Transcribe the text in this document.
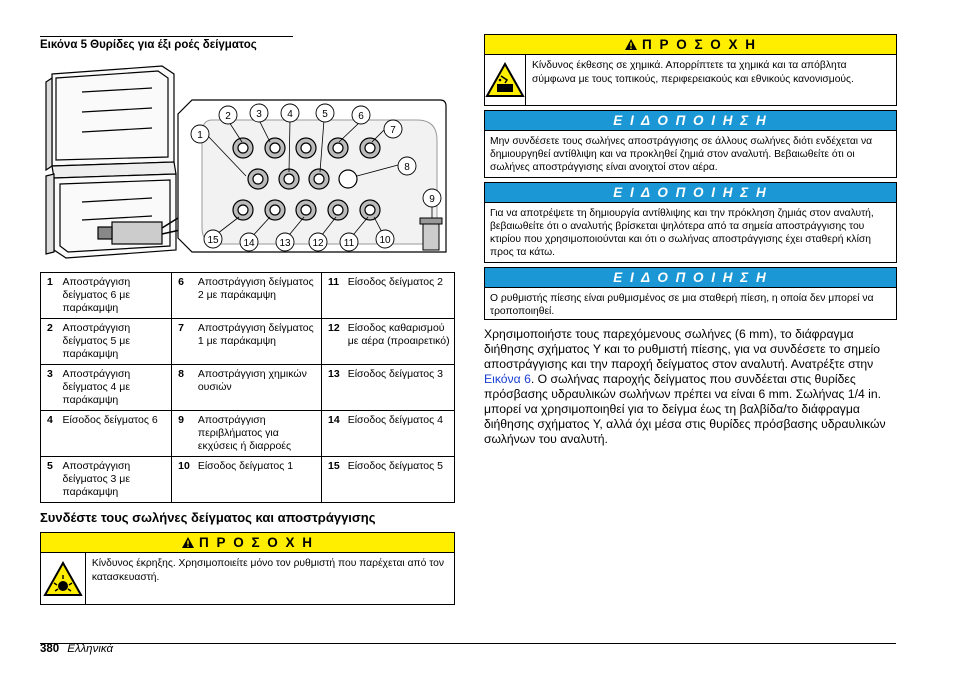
Εικόνα 5 Θυρίδες για έξι ροές δείγματος
1
2	3	4	5	6
7
8
9
10
11
12
13
14
15
1	Αποστράγγιση δείγματος 6 με παράκαμψη	6	Αποστράγγιση δείγματος 2 με παράκαμψη	11	Είσοδος δείγματος 2
2	Αποστράγγιση δείγματος 5 με παράκαμψη	7	Αποστράγγιση δείγματος 1 με παράκαμψη	12	Είσοδος καθαρισμού με αέρα (προαιρετικό)
3	Αποστράγγιση δείγματος 4 με παράκαμψη	8	Αποστράγγιση χημικών ουσιών	13	Είσοδος δείγματος 3
4	Είσοδος δείγματος 6	9	Αποστράγγιση περιβλήματος για εκχύσεις ή διαρροές	14	Είσοδος δείγματος 4
5	Αποστράγγιση δείγματος 3 με παράκαμψη	10	Είσοδος δείγματος 1	15	Είσοδος δείγματος 5
Συνδέστε τους σωλήνες δείγματος και αποστράγγισης
Π Ρ Ο Σ Ο Χ Η
Κίνδυνος έκρηξης. Χρησιμοποιείτε μόνο τον ρυθμιστή που παρέχεται από τον κατασκευαστή.
Π Ρ Ο Σ Ο Χ Η
Κίνδυνος έκθεσης σε χημικά. Απορρίπτετε τα χημικά και τα απόβλητα σύμφωνα με τους τοπικούς, περιφερειακούς και εθνικούς κανονισμούς.
Ε Ι Δ Ο Π Ο Ι Η Σ Η
Μην συνδέσετε τους σωλήνες αποστράγγισης σε άλλους σωλήνες διότι ενδέχεται να δημιουργηθεί αντίθλιψη και να προκληθεί ζημιά στον αναλυτή. Βεβαιωθείτε ότι οι σωλήνες αποστράγγισης είναι ανοιχτοί στον αέρα.
Ε Ι Δ Ο Π Ο Ι Η Σ Η
Για να αποτρέψετε τη δημιουργία αντίθλιψης και την πρόκληση ζημιάς στον αναλυτή, βεβαιωθείτε ότι ο αναλυτής βρίσκεται ψηλότερα από τα σημεία αποστράγγισης του κτιρίου που χρησιμοποιούνται και ότι ο σωλήνας αποστράγγισης έχει σταθερή κλίση προς τα κάτω.
Ε Ι Δ Ο Π Ο Ι Η Σ Η
Ο ρυθμιστής πίεσης είναι ρυθμισμένος σε μια σταθερή πίεση, η οποία δεν μπορεί να τροποποιηθεί.
Χρησιμοποιήστε τους παρεχόμενους σωλήνες (6 mm), το διάφραγμα διήθησης σχήματος Y και το ρυθμιστή πίεσης, για να συνδέσετε το σημείο αποστράγγισης και την παροχή δείγματος στον αναλυτή. Ανατρέξτε στην Εικόνα 6. Ο σωλήνας παροχής δείγματος που συνδέεται στις θυρίδες πρόσβασης υδραυλικών σωλήνων πρέπει να είναι 6 mm. Σωλήνας 1/4 in. μπορεί να χρησιμοποιηθεί για το δείγμα έως τη βαλβίδα/το διάφραγμα διήθησης σχήματος Y, αλλά όχι μέσα στις θυρίδες πρόσβασης υδραυλικών σωλήνων του αναλυτή.
380 Ελληνικά
